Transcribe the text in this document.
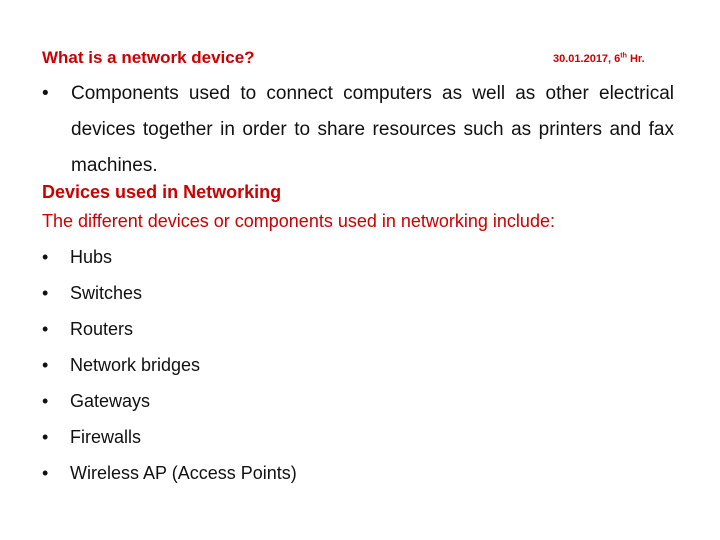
What is a network device?	30.01.2017, 6th Hr.
• Components used to connect computers as well as other electrical devices together in order to share resources such as printers and fax machines.
Devices used in Networking
The different devices or components used in networking include:
• Hubs
• Switches
• Routers
• Network bridges
• Gateways
• Firewalls
• Wireless AP (Access Points)
